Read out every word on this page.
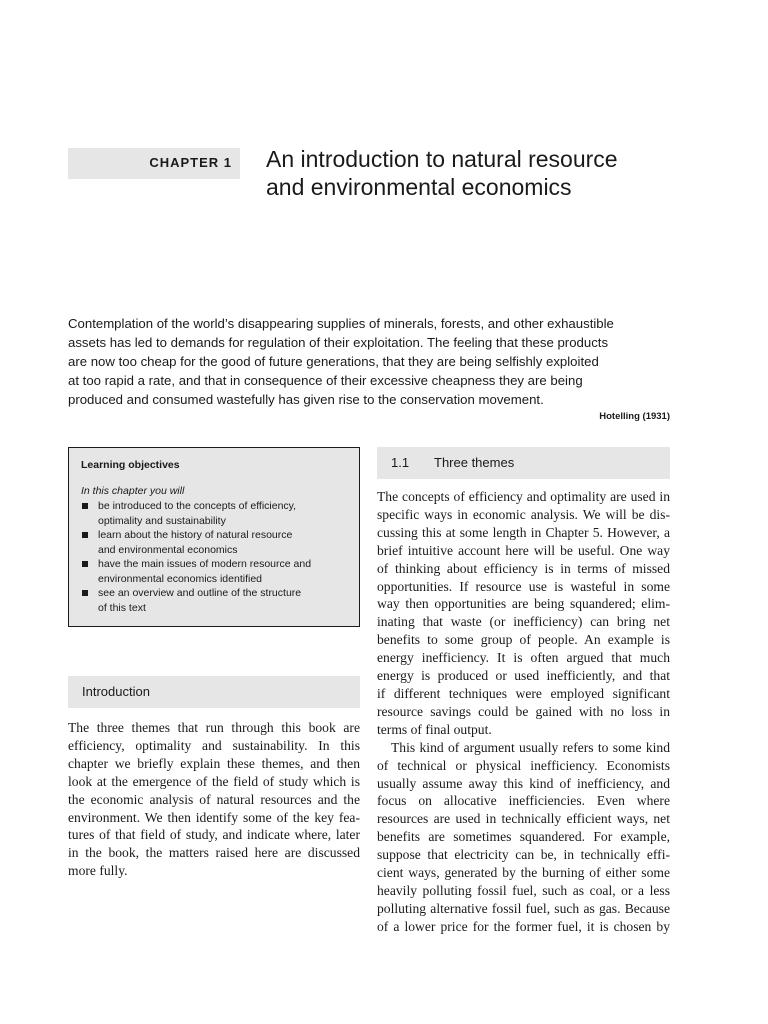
CHAPTER 1 An introduction to natural resource
and environmental economics
Contemplation of the world’s disappearing supplies of minerals, forests, and other exhaustible
assets has led to demands for regulation of their exploitation. The feeling that these products
are now too cheap for the good of future generations, that they are being selfishly exploited
at too rapid a rate, and that in consequence of their excessive cheapness they are being
produced and consumed wastefully has given rise to the conservation movement.
Hotelling (1931)
Learning objectives
In this chapter you will
be introduced to the concepts of efficiency,
optimality and sustainability
learn about the history of natural resource
and environmental economics
have the main issues of modern resource and
environmental economics identified
see an overview and outline of the structure
of this text
Introduction
The three themes that run through this book are
efficiency, optimality and sustainability. In this
chapter we briefly explain these themes, and then
look at the emergence of the field of study which is
the economic analysis of natural resources and the
environment. We then identify some of the key fea-
tures of that field of study, and indicate where, later
in the book, the matters raised here are discussed
more fully.
1.1 Three themes
The concepts of efficiency and optimality are used in
specific ways in economic analysis. We will be dis-
cussing this at some length in Chapter 5. However, a
brief intuitive account here will be useful. One way
of thinking about efficiency is in terms of missed
opportunities. If resource use is wasteful in some
way then opportunities are being squandered; elim-
inating that waste (or inefficiency) can bring net
benefits to some group of people. An example is
energy inefficiency. It is often argued that much
energy is produced or used inefficiently, and that
if different techniques were employed significant
resource savings could be gained with no loss in
terms of final output.
This kind of argument usually refers to some kind
of technical or physical inefficiency. Economists
usually assume away this kind of inefficiency, and
focus on allocative inefficiencies. Even where
resources are used in technically efficient ways, net
benefits are sometimes squandered. For example,
suppose that electricity can be, in technically effi-
cient ways, generated by the burning of either some
heavily polluting fossil fuel, such as coal, or a less
polluting alternative fossil fuel, such as gas. Because
of a lower price for the former fuel, it is chosen by
